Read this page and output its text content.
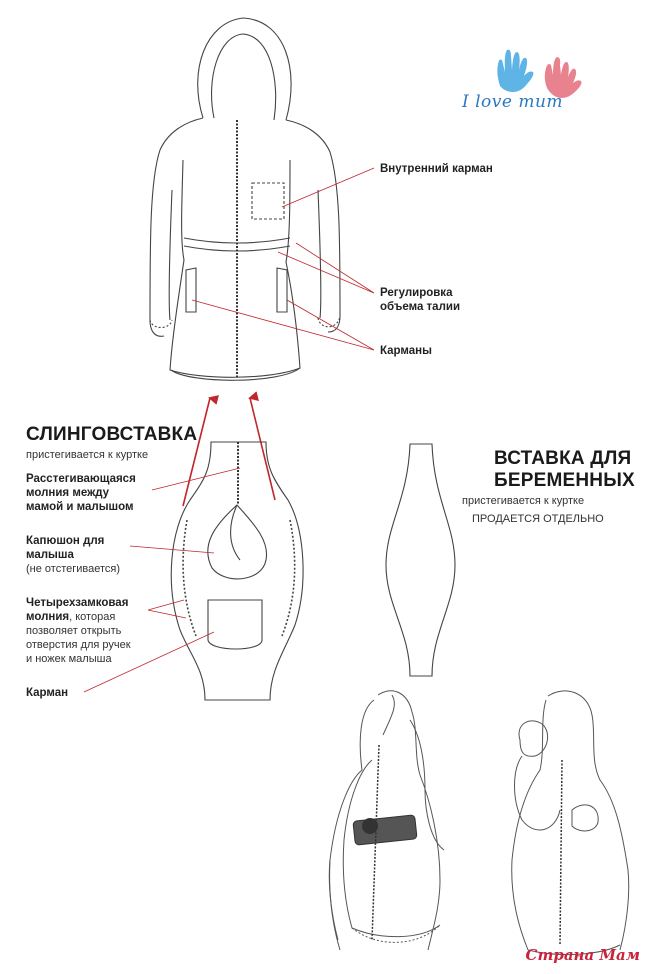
I love mum
Внутренний карман
Регулировка
объема талии
Карманы
СЛИНГОВСТАВКА
пристегивается к куртке
Расстегивающаяся
молния между
мамой и малышом
Капюшон для
малыша
(не отстегивается)
Четырехзамковая
молния, которая
позволяет открыть
отверстия для ручек
и ножек малыша
Карман
ВСТАВКА ДЛЯ
БЕРЕМЕННЫХ
пристегивается к куртке
ПРОДАЕТСЯ ОТДЕЛЬНО
Страна Мам
